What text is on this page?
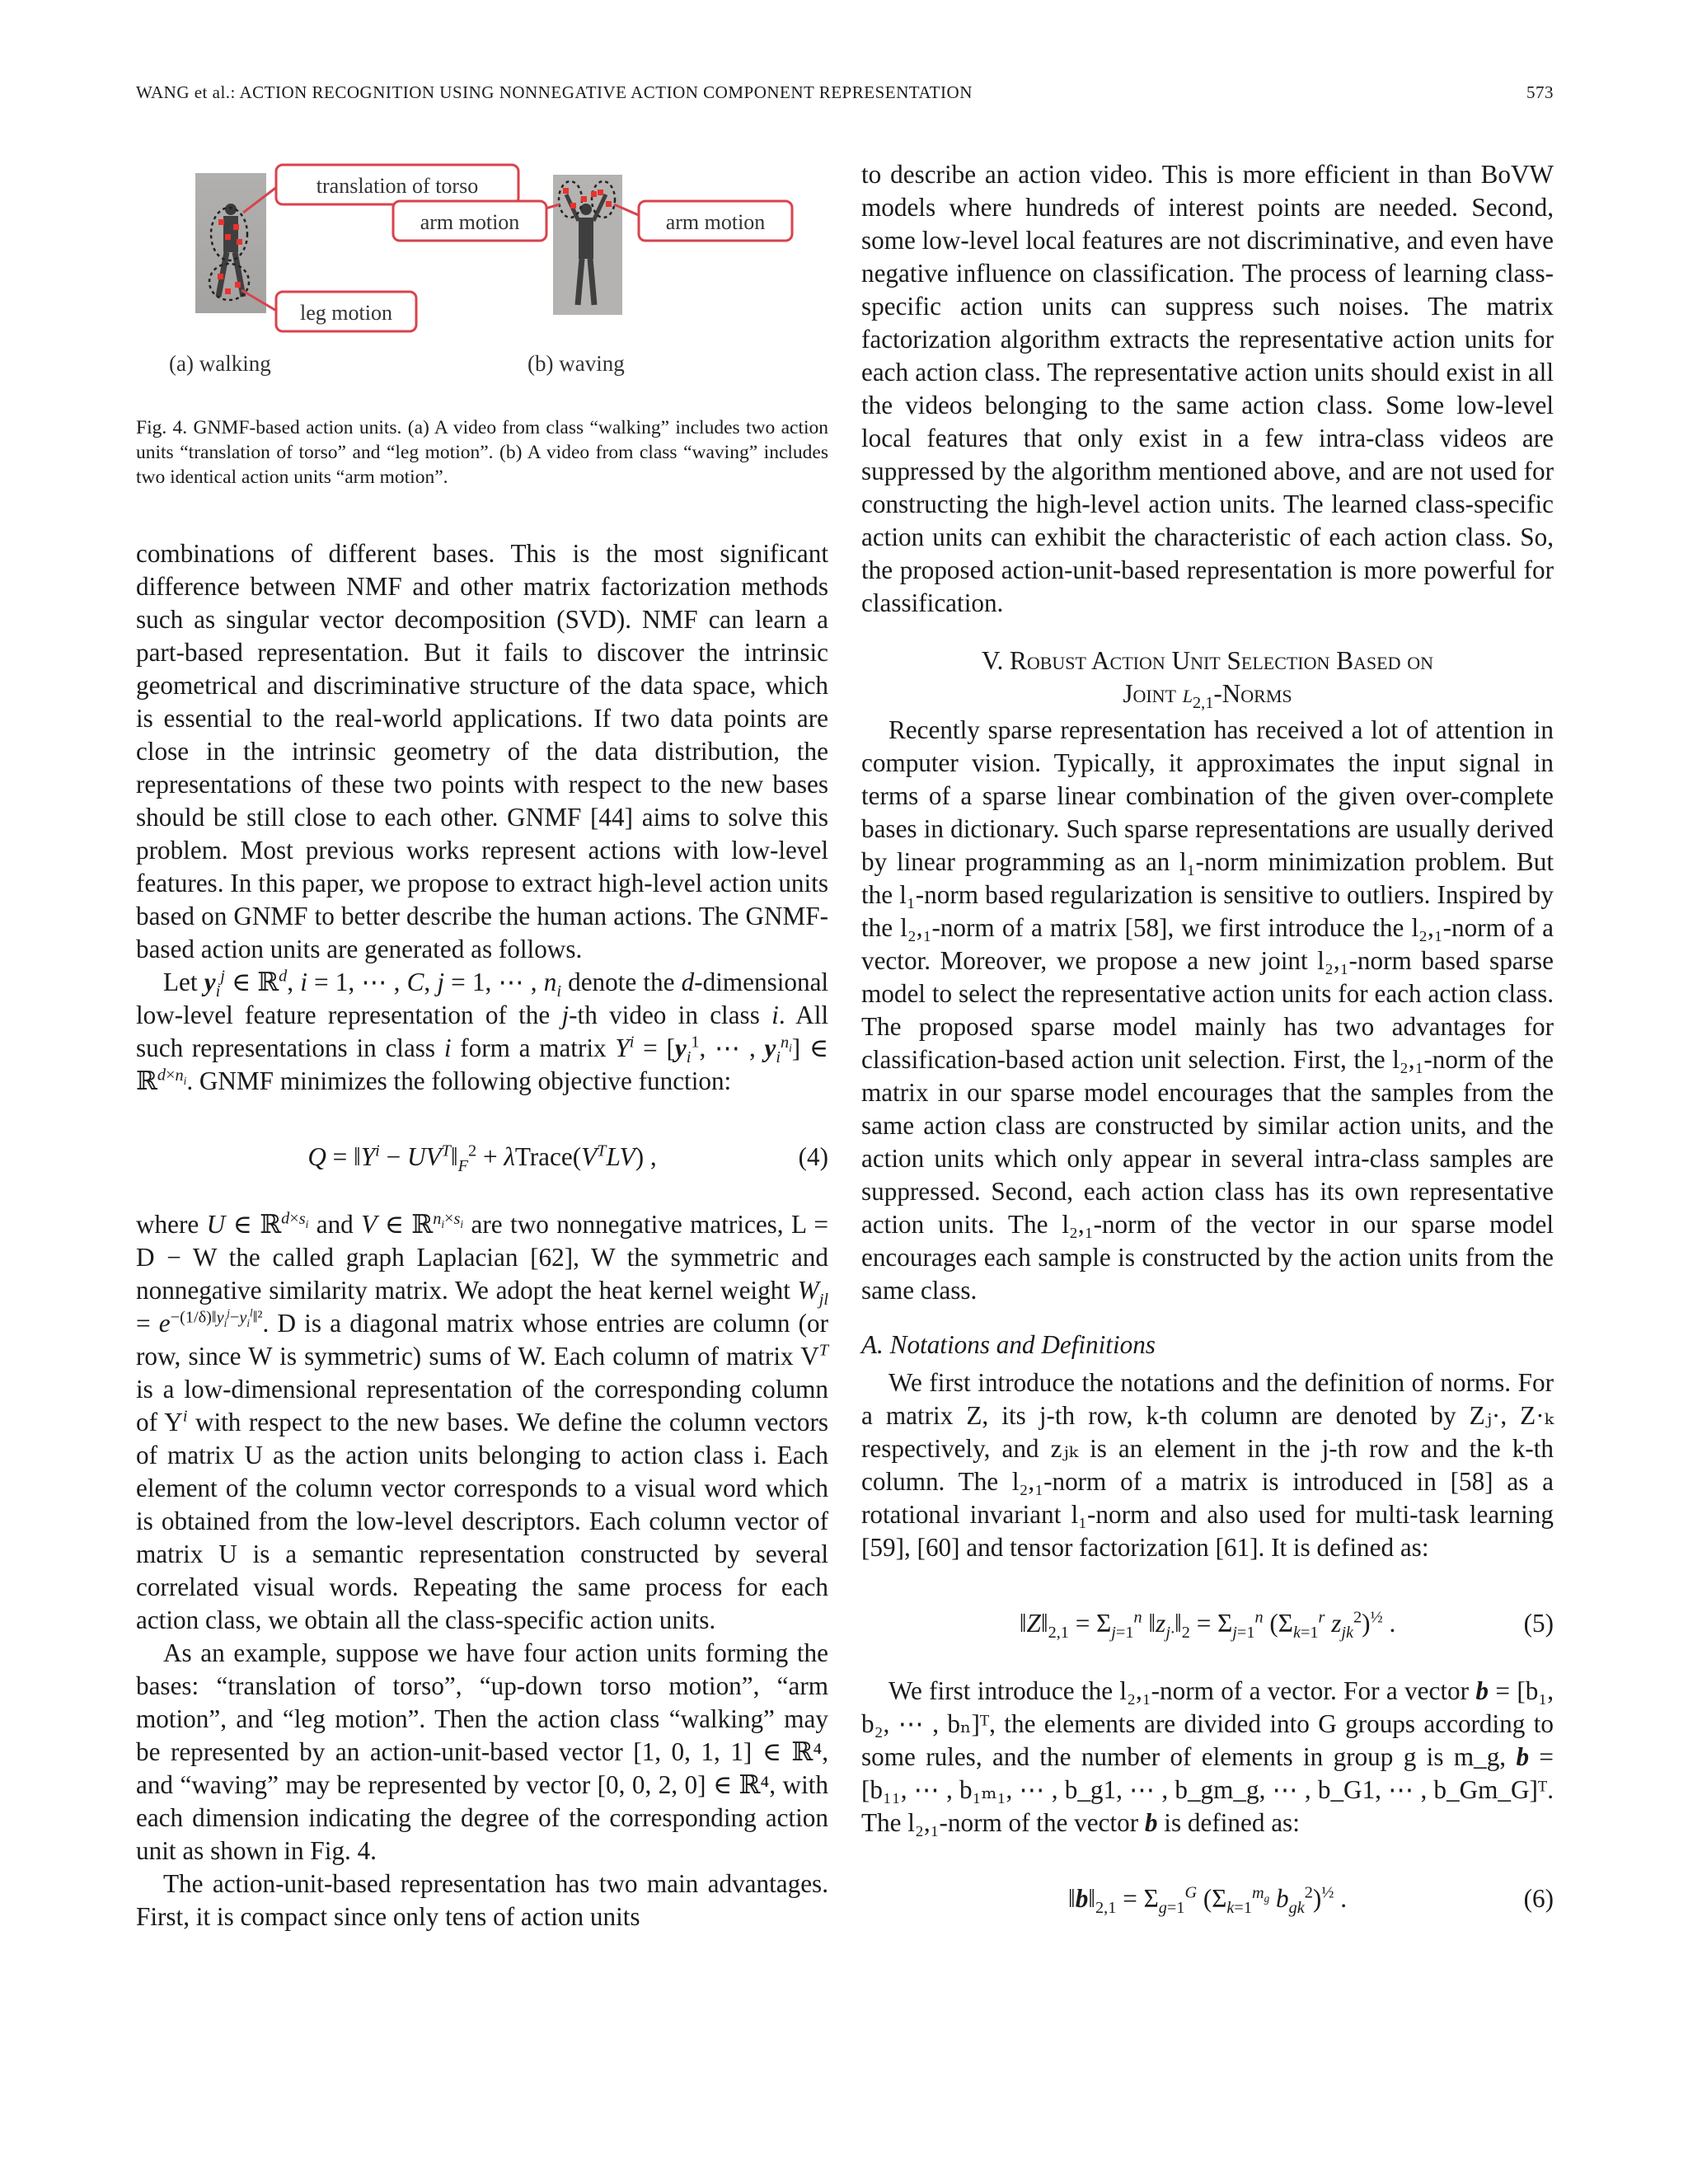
WANG et al.: ACTION RECOGNITION USING NONNEGATIVE ACTION COMPONENT REPRESENTATION	573
translation of torso
arm motion	arm motion
leg motion
(a) walking	(b) waving
Fig. 4. GNMF-based action units. (a) A video from class “walking” includes two action units “translation of torso” and “leg motion”. (b) A video from class “waving” includes two identical action units “arm motion”.

combinations of different bases. This is the most significant difference between NMF and other matrix factorization methods such as singular vector decomposition (SVD). NMF can learn a part-based representation. But it fails to discover the intrinsic geometrical and discriminative structure of the data space, which is essential to the real-world applications. If two data points are close in the intrinsic geometry of the data distribution, the representations of these two points with respect to the new bases should be still close to each other. GNMF [44] aims to solve this problem. Most previous works represent actions with low-level features. In this paper, we propose to extract high-level action units based on GNMF to better describe the human actions. The GNMF-based action units are generated as follows.

Let $y_i^j$ ∈ ℝ$^d$, i = 1, ⋯ , C, j = 1, ⋯ , $n_i$ denote the d-dimensional low-level feature representation of the j-th video in class i. All such representations in class i form a matrix $Y^i = [y_i^1$, ⋯ , $y_i^{n_i}$] ∈ ℝ$^{d\times n_i}$. GNMF minimizes the following objective function:

$Q = ‖Y^i$ − $UV^T‖_F^2$ + $\lambda Trace(V^TLV)$ ,	(4)

where U ∈ ℝ$^{d\times s_i}$ and V ∈ ℝ$^{n_i\times s_i}$ are two nonnegative matrices, L = D − W the called graph Laplacian [62], W the symmetric and nonnegative similarity matrix. We adopt the heat kernel weight $W_{jl} = e^{-(1/\delta)‖y_i^j-y_i^l‖^2}$. D is a diagonal matrix whose entries are column (or row, since W is symmetric) sums of W. Each column of matrix $V^T$ is a low-dimensional representation of the corresponding column of $Y^i$ with respect to the new bases. We define the column vectors of matrix U as the action units belonging to action class i. Each element of the column vector corresponds to a visual word which is obtained from the low-level descriptors. Each column vector of matrix U is a semantic representation constructed by several correlated visual words. Repeating the same process for each action class, we obtain all the class-specific action units.

As an example, suppose we have four action units forming the bases: “translation of torso”, “up-down torso motion”, “arm motion”, and “leg motion”. Then the action class “walking” may be represented by an action-unit-based vector [1, 0, 1, 1] ∈ ℝ⁴, and “waving” may be represented by vector [0, 0, 2, 0] ∈ ℝ⁴, with each dimension indicating the degree of the corresponding action unit as shown in Fig. 4.

The action-unit-based representation has two main advantages. First, it is compact since only tens of action units

to describe an action video. This is more efficient in than BoVW models where hundreds of interest points are needed. Second, some low-level local features are not discriminative, and even have negative influence on classification. The process of learning class-specific action units can suppress such noises. The matrix factorization algorithm extracts the representative action units for each action class. The representative action units should exist in all the videos belonging to the same action class. Some low-level local features that only exist in a few intra-class videos are suppressed by the algorithm mentioned above, and are not used for constructing the high-level action units. The learned class-specific action units can exhibit the characteristic of each action class. So, the proposed action-unit-based representation is more powerful for classification.

V. Robust Action Unit Selection Based on
Joint $l_{2,1}$-Norms

Recently sparse representation has received a lot of attention in computer vision. Typically, it approximates the input signal in terms of a sparse linear combination of the given over-complete bases in dictionary. Such sparse representations are usually derived by linear programming as an l₁-norm minimization problem. But the l₁-norm based regularization is sensitive to outliers. Inspired by the l₂,₁-norm of a matrix [58], we first introduce the l₂,₁-norm of a vector. Moreover, we propose a new joint l₂,₁-norm based sparse model to select the representative action units for each action class. The proposed sparse model mainly has two advantages for classification-based action unit selection. First, the l₂,₁-norm of the matrix in our sparse model encourages that the samples from the same action class are constructed by similar action units, and the action units which only appear in several intra-class samples are suppressed. Second, each action class has its own representative action units. The l₂,₁-norm of the vector in our sparse model encourages each sample is constructed by the action units from the same class.

A. Notations and Definitions

We first introduce the notations and the definition of norms. For a matrix Z, its j-th row, k-th column are denoted by Zⱼ·, Z·ₖ respectively, and zⱼₖ is an element in the j-th row and the k-th column. The l₂,₁-norm of a matrix is introduced in [58] as a rotational invariant l₁-norm and also used for multi-task learning [59], [60] and tensor factorization [61]. It is defined as:

$‖Z‖_{2,1} = \Sigma_{j=1}^n$ $‖z_{j\cdot}‖_2 = \Sigma_{j=1}^n$ ($\Sigma_{k=1}^r$ $z_{jk}^2)^{\frac{1}{2}}$ .	(5)

We first introduce the l₂,₁-norm of a vector. For a vector b = [b₁, b₂, ⋯ , bₙ]ᵀ, the elements are divided into G groups according to some rules, and the number of elements in group g is m_g, b = [b₁₁, ⋯ , b₁ₘ₁, ⋯ , b_g1, ⋯ , b_gm_g, ⋯ , b_G1, ⋯ , b_Gm_G]ᵀ. The l₂,₁-norm of the vector b is defined as:

$‖b‖_{2,1} = \Sigma_{g=1}^G$ ($\Sigma_{k=1}^{m_g}$ $b_{gk}^2)^{\frac{1}{2}}$ .	(6)
